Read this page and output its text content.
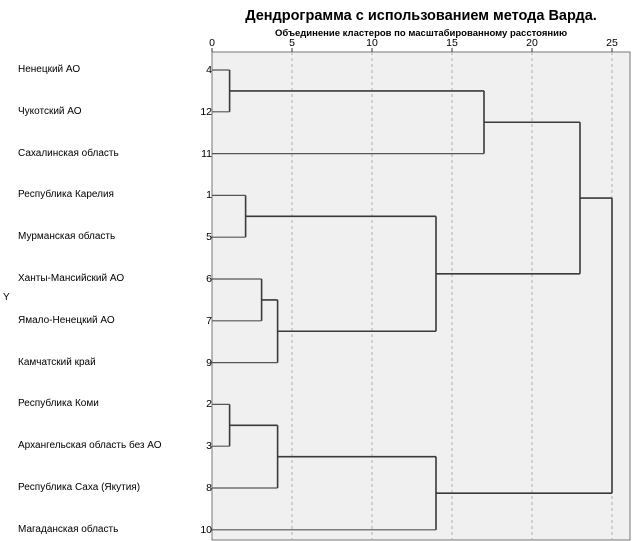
Дендрограмма с использованием метода Варда.
Объединение кластеров по масштабированному расстоянию
Y
Ненецкий АО	4
Чукотский АО	12
Сахалинская область	11
Республика Карелия	1
Мурманская область	5
Ханты-Мансийский АО	6
Ямало-Ненецкий АО	7
Камчатский край	9
Республика Коми	2
Архангельская область без АО	3
Республика Саха (Якутия)	8
Магаданская область	10
0	5	10	15	20	25
